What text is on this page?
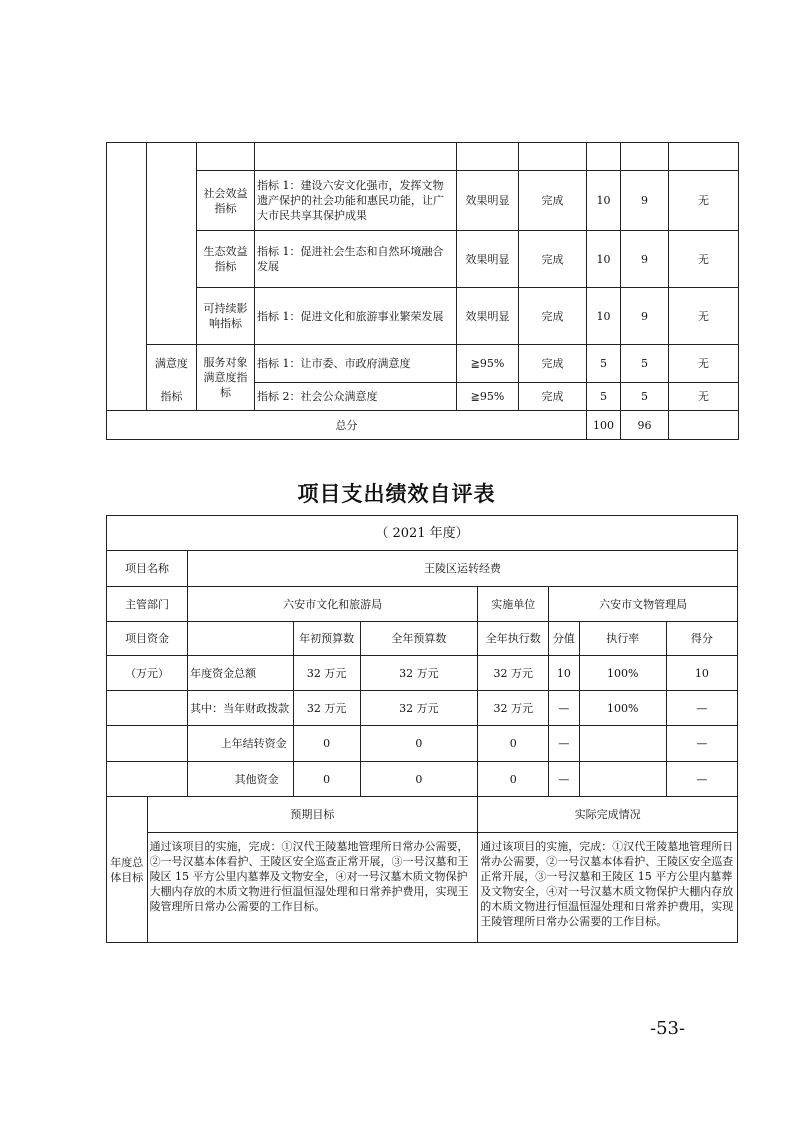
		社会效益指标	指标 1：建设六安文化强市，发挥文物遗产保护的社会功能和惠民功能，让广大市民共享其保护成果	效果明显	完成	10	9	无
		生态效益指标	指标 1：促进社会生态和自然环境融合发展	效果明显	完成	10	9	无
		可持续影响指标	指标 1：促进文化和旅游事业繁荣发展	效果明显	完成	10	9	无
	满意度	服务对象满意度指标	指标 1：让市委、市政府满意度	≧95%	完成	5	5	无
	指标		指标 2：社会公众满意度	≧95%	完成	5	5	无
总分						100	96	
项目支出绩效自评表
（ 2021 年度）								
项目名称		王陵区运转经费						
主管部门		六安市文化和旅游局			实施单位	六安市文物管理局		
项目资金			年初预算数	全年预算数	全年执行数	分值	执行率	得分
（万元）		年度资金总额	32 万元	32 万元	32 万元	10	100%	10
		其中：当年财政拨款	32 万元	32 万元	32 万元	—	100%	—
		上年结转资金	0	0	0	—		—
		其他资金	0	0	0	—		—
年度总体目标	预期目标				实际完成情况			
	通过该项目的实施，完成：①汉代王陵墓地管理所日常办公需要，②一号汉墓本体看护、王陵区安全巡查正常开展，③一号汉墓和王陵区 15 平方公里内墓葬及文物安全，④对一号汉墓木质文物保护大棚内存放的木质文物进行恒温恒湿处理和日常养护费用，实现王陵管理所日常办公需要的工作目标。				通过该项目的实施，完成：①汉代王陵墓地管理所日常办公需要，②一号汉墓本体看护、王陵区安全巡查正常开展，③一号汉墓和王陵区 15 平方公里内墓葬及文物安全，④对一号汉墓木质文物保护大棚内存放的木质文物进行恒温恒湿处理和日常养护费用，实现王陵管理所日常办公需要的工作目标。			
-53-
